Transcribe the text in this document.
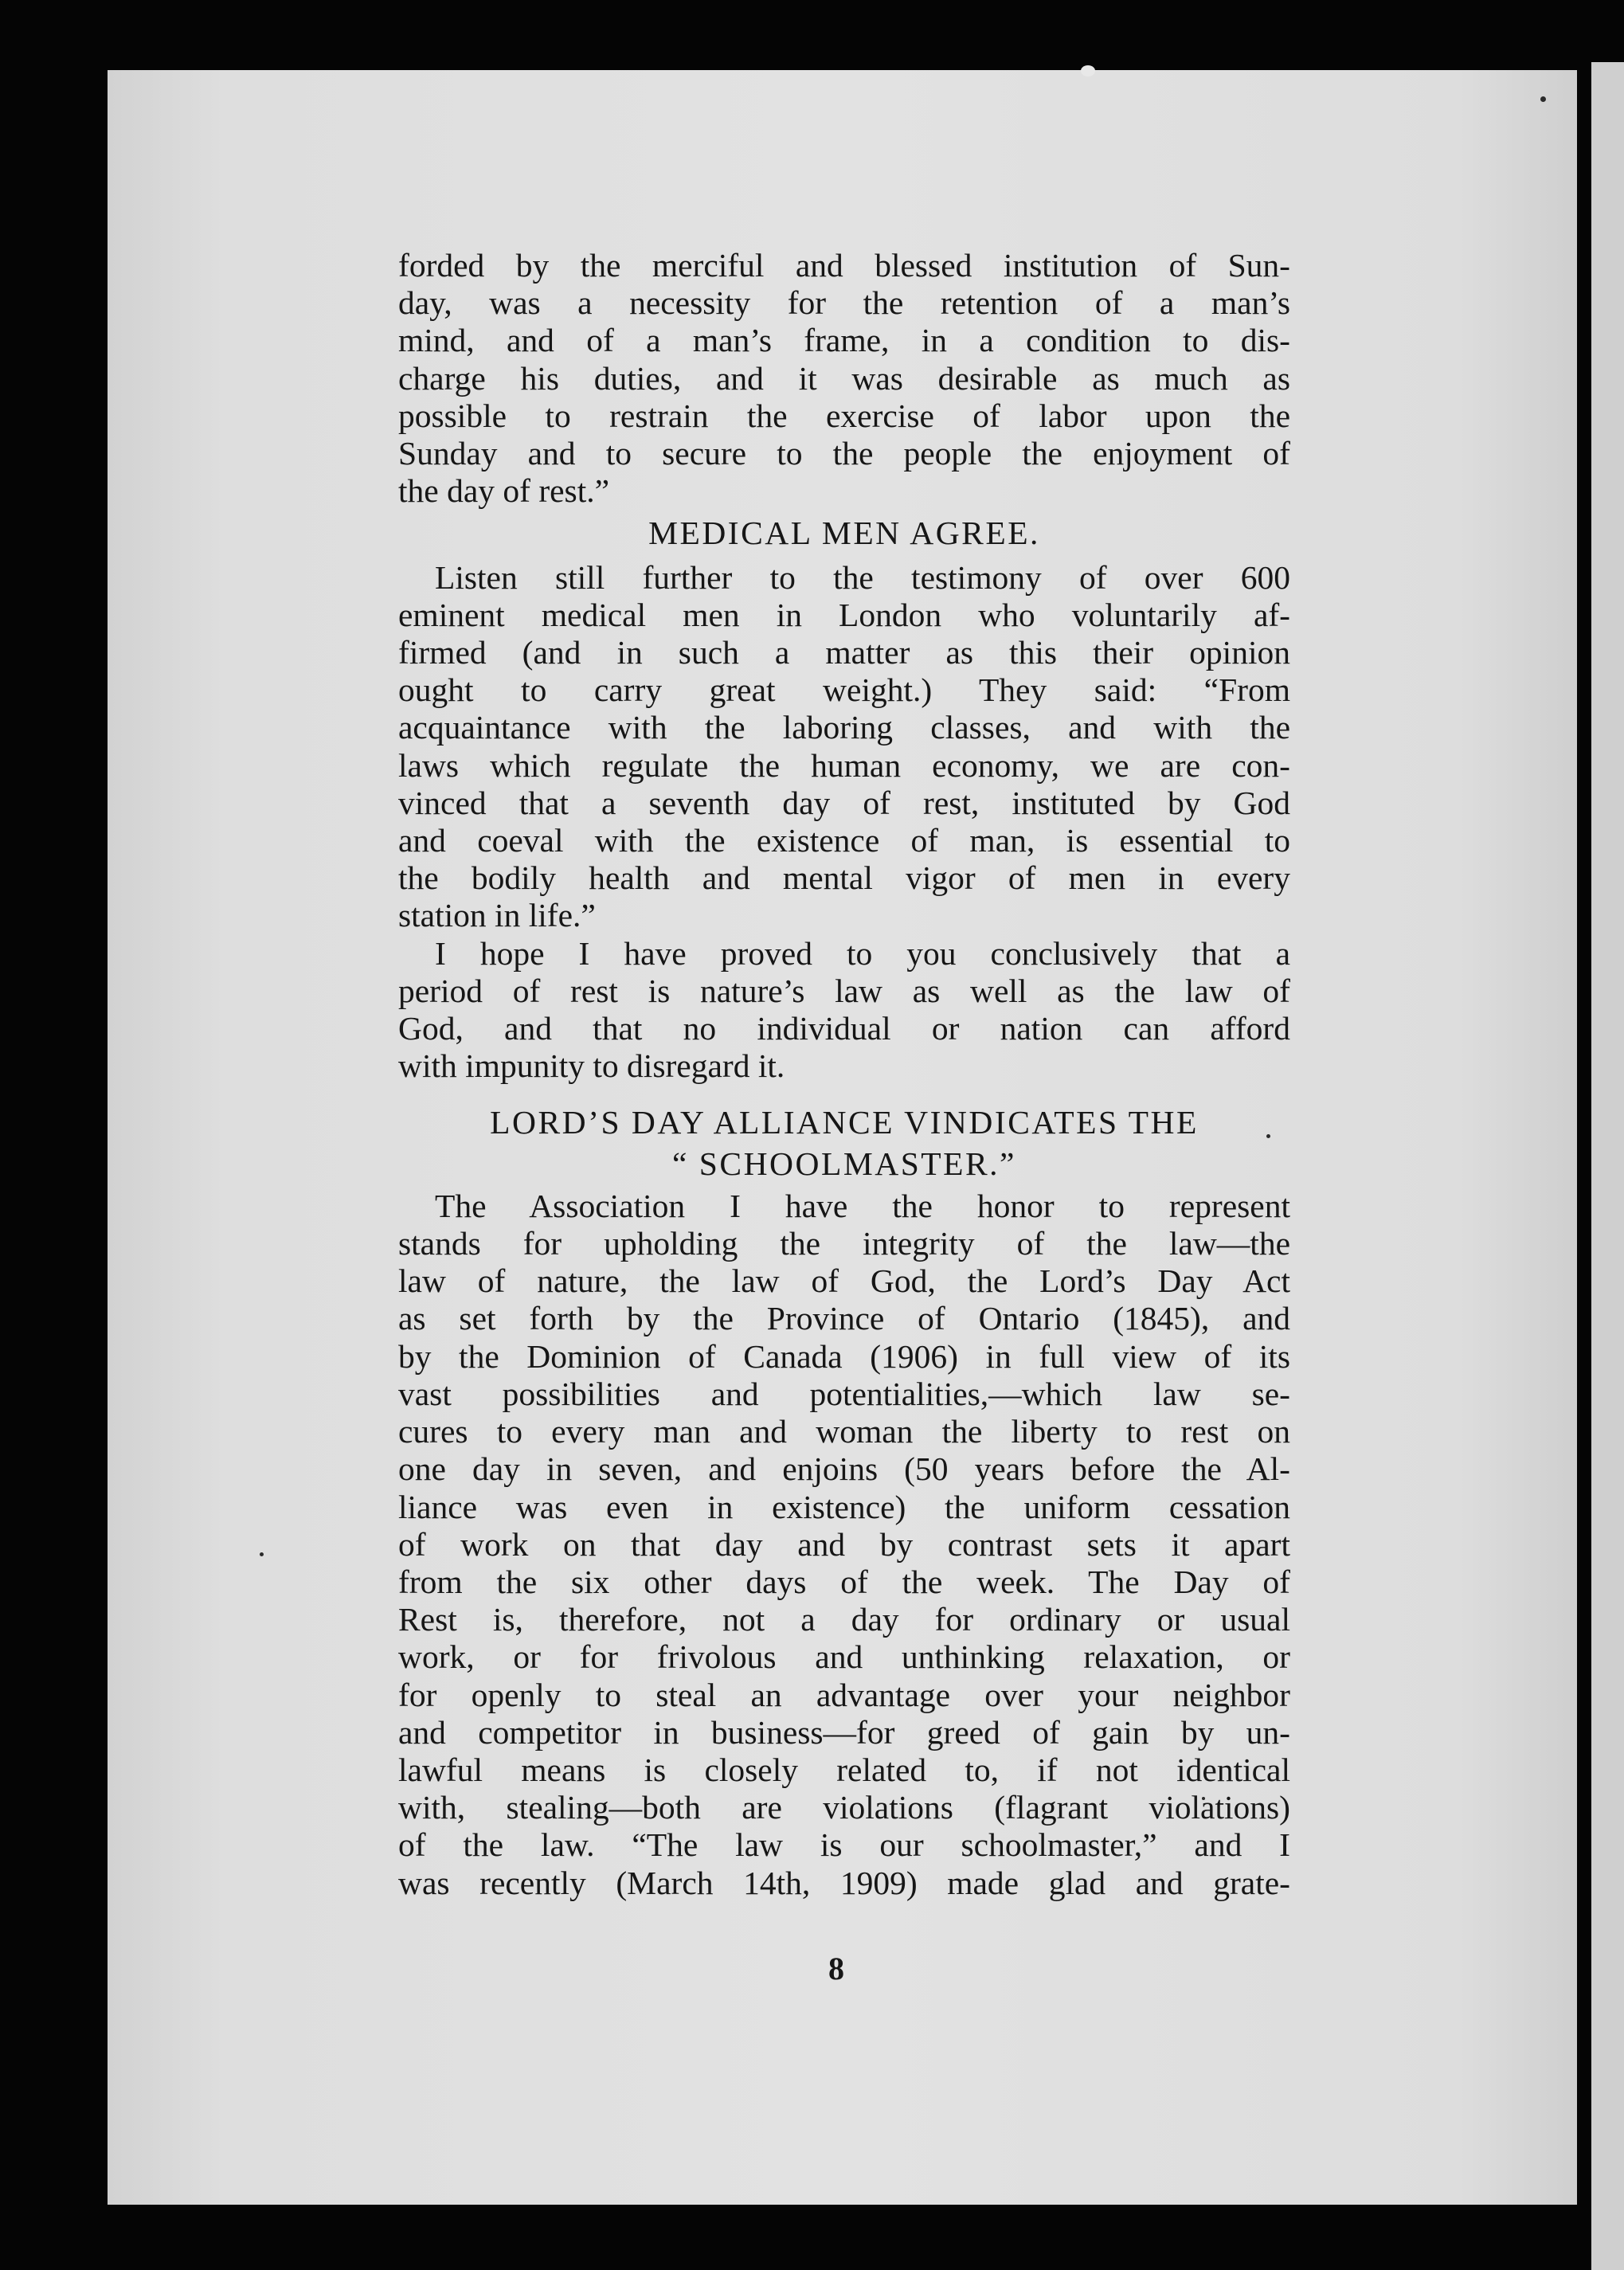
forded by the merciful and blessed institution of Sun-
day, was a necessity for the retention of a man’s
mind, and of a man’s frame, in a condition to dis-
charge his duties, and it was desirable as much as
possible to restrain the exercise of labor upon the
Sunday and to secure to the people the enjoyment of
the day of rest.”
MEDICAL MEN AGREE.
Listen still further to the testimony of over 600
eminent medical men in London who voluntarily af-
firmed (and in such a matter as this their opinion
ought to carry great weight.) They said: “From
acquaintance with the laboring classes, and with the
laws which regulate the human economy, we are con-
vinced that a seventh day of rest, instituted by God
and coeval with the existence of man, is essential to
the bodily health and mental vigor of men in every
station in life.”
I hope I have proved to you conclusively that a
period of rest is nature’s law as well as the law of
God, and that no individual or nation can afford
with impunity to disregard it.
LORD’S DAY ALLIANCE VINDICATES THE
“ SCHOOLMASTER.”
The Association I have the honor to represent
stands for upholding the integrity of the law—the
law of nature, the law of God, the Lord’s Day Act
as set forth by the Province of Ontario (1845), and
by the Dominion of Canada (1906) in full view of its
vast possibilities and potentialities,—which law se-
cures to every man and woman the liberty to rest on
one day in seven, and enjoins (50 years before the Al-
liance was even in existence) the uniform cessation
of work on that day and by contrast sets it apart
from the six other days of the week. The Day of
Rest is, therefore, not a day for ordinary or usual
work, or for frivolous and unthinking relaxation, or
for openly to steal an advantage over your neighbor
and competitor in business—for greed of gain by un-
lawful means is closely related to, if not identical
with, stealing—both are violations (flagrant violations)
of the law. “The law is our schoolmaster,” and I
was recently (March 14th, 1909) made glad and grate-
8
